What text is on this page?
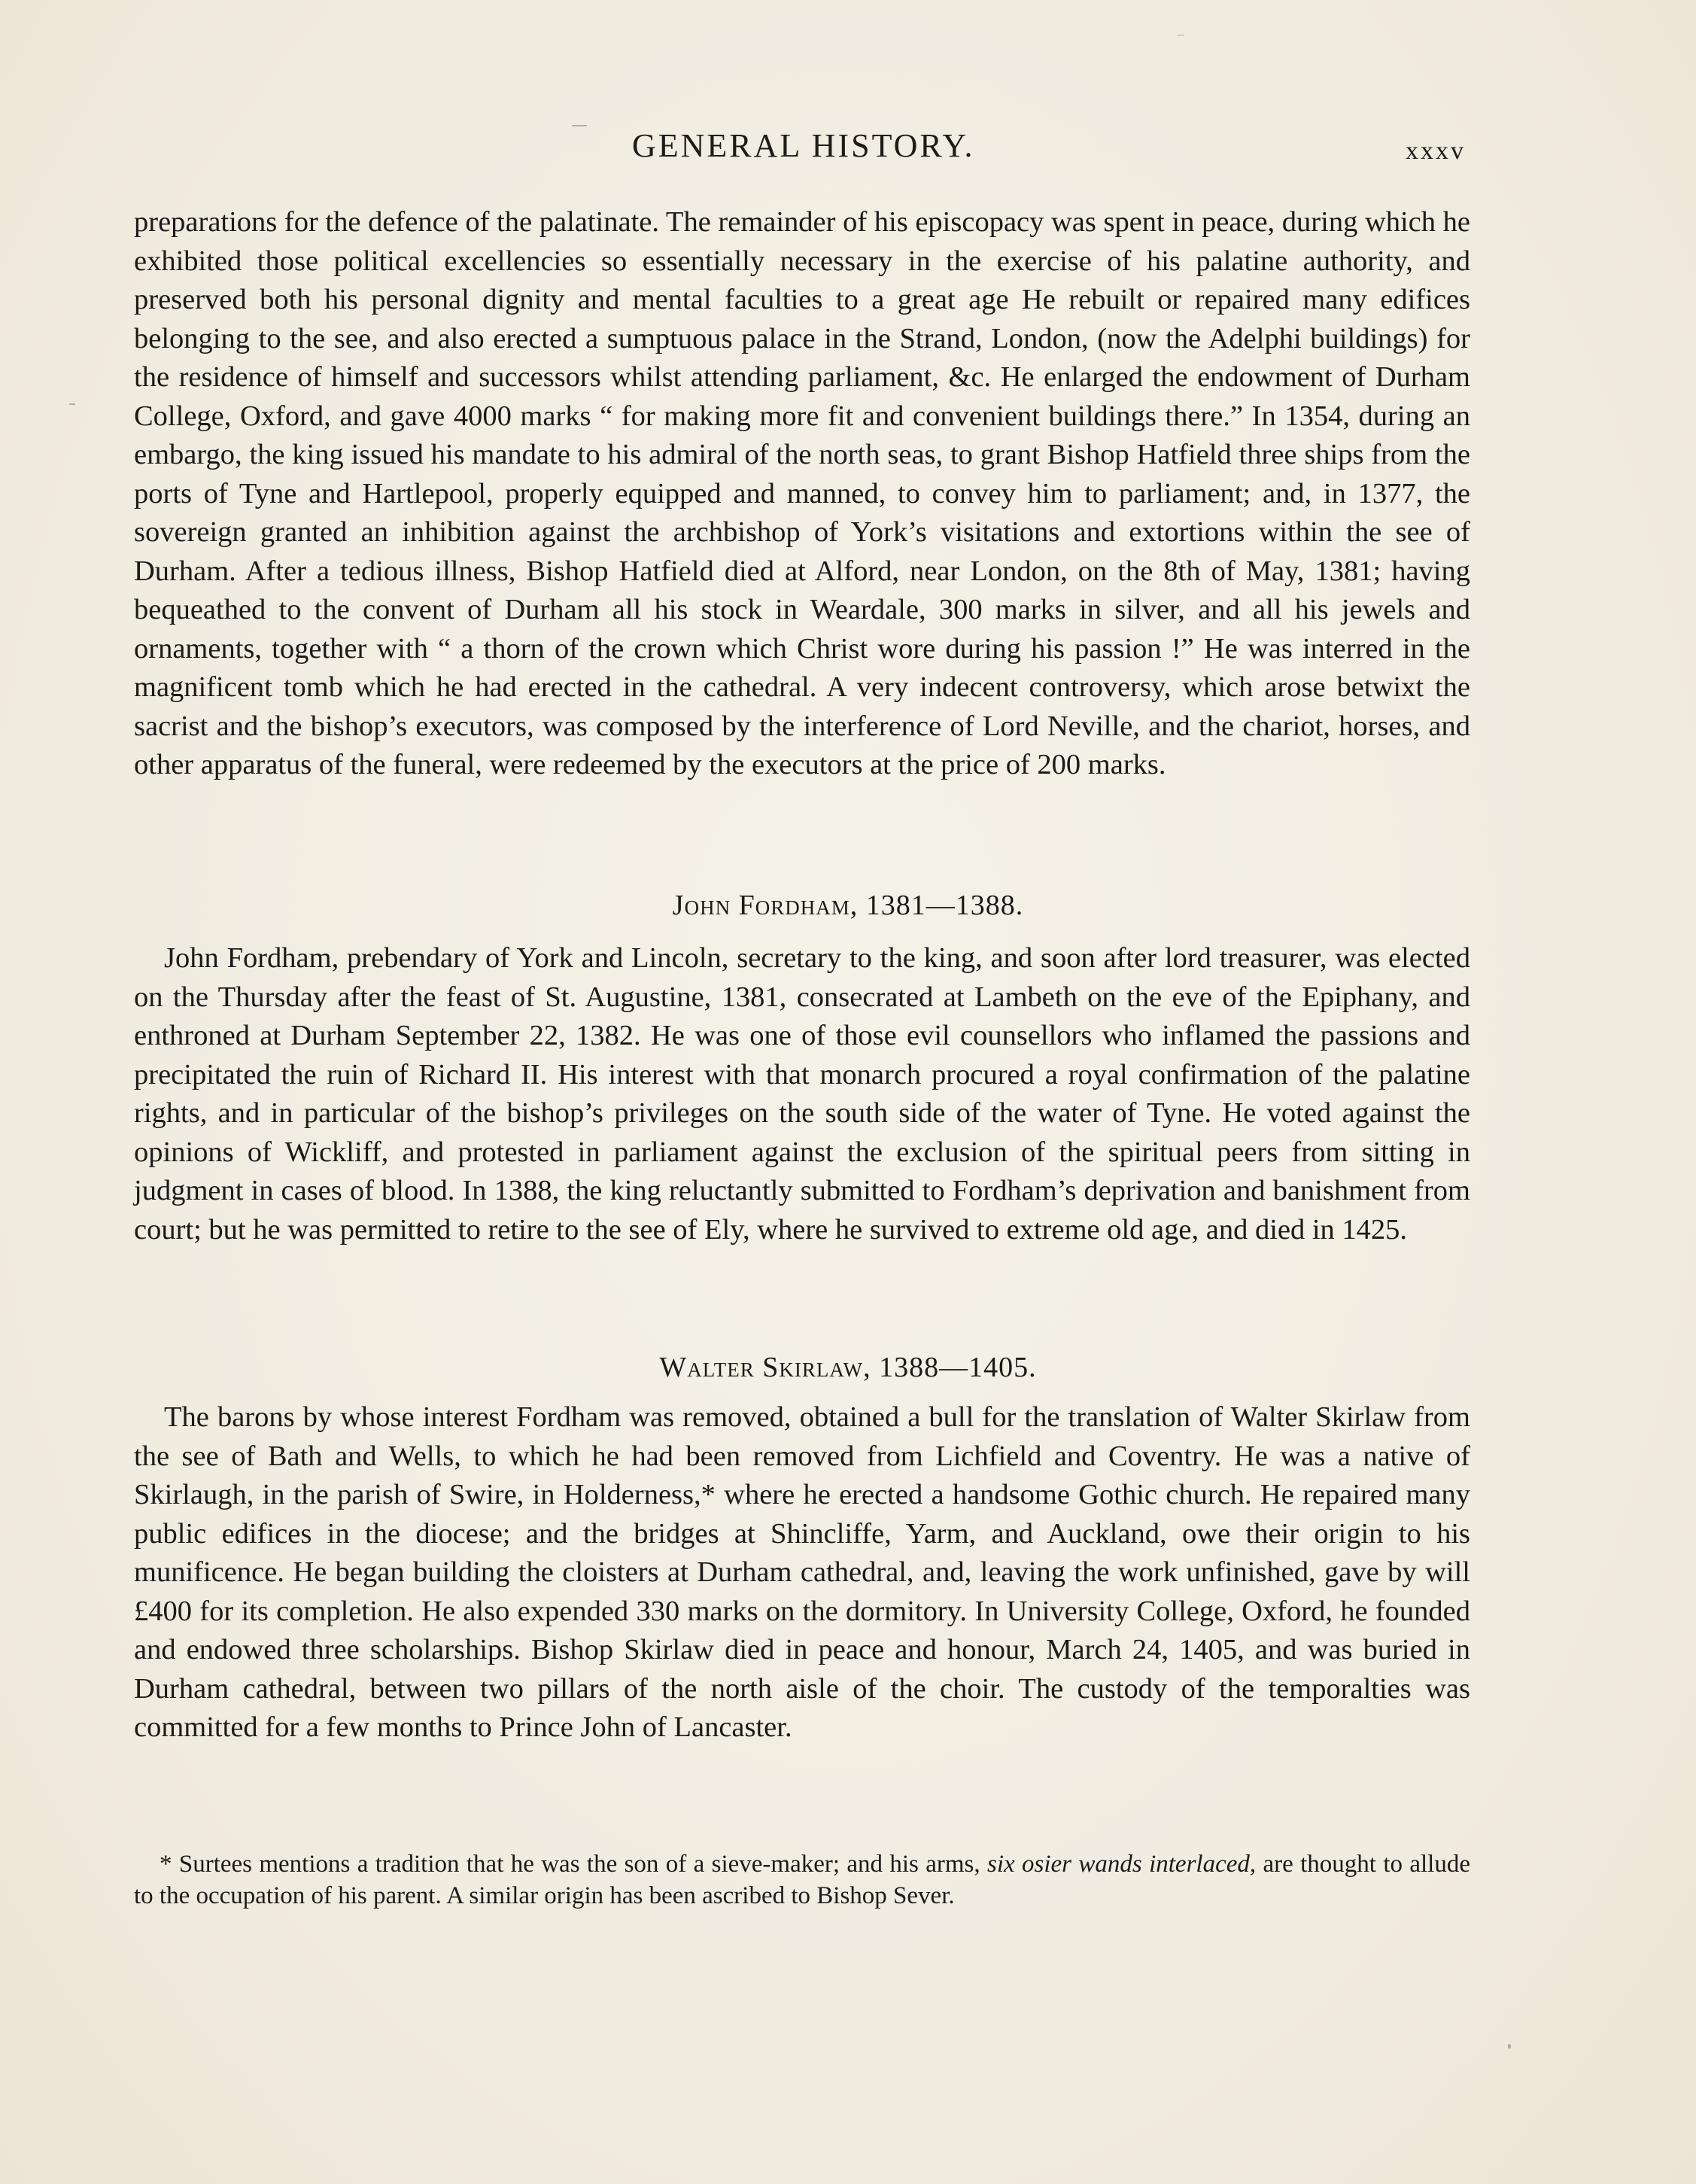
GENERAL HISTORY.	xxxv

preparations for the defence of the palatinate. The remainder of his episcopacy was spent in peace, during which he exhibited those political excellencies so essentially necessary in the exercise of his palatine authority, and preserved both his personal dignity and mental faculties to a great age He rebuilt or repaired many edifices belonging to the see, and also erected a sumptuous palace in the Strand, London, (now the Adelphi buildings) for the residence of himself and successors whilst attending parliament, &c. He enlarged the endowment of Durham College, Oxford, and gave 4000 marks “ for making more fit and convenient buildings there.” In 1354, during an embargo, the king issued his mandate to his admiral of the north seas, to grant Bishop Hatfield three ships from the ports of Tyne and Hartlepool, properly equipped and manned, to convey him to parliament; and, in 1377, the sovereign granted an inhibition against the archbishop of York’s visitations and extortions within the see of Durham. After a tedious illness, Bishop Hatfield died at Alford, near London, on the 8th of May, 1381; having bequeathed to the convent of Durham all his stock in Weardale, 300 marks in silver, and all his jewels and ornaments, together with “ a thorn of the crown which Christ wore during his passion !” He was interred in the magnificent tomb which he had erected in the cathedral. A very indecent controversy, which arose betwixt the sacrist and the bishop’s executors, was composed by the interference of Lord Neville, and the chariot, horses, and other apparatus of the funeral, were redeemed by the executors at the price of 200 marks.

John Fordham, 1381—1388.

John Fordham, prebendary of York and Lincoln, secretary to the king, and soon after lord treasurer, was elected on the Thursday after the feast of St. Augustine, 1381, consecrated at Lambeth on the eve of the Epiphany, and enthroned at Durham September 22, 1382. He was one of those evil counsellors who inflamed the passions and precipitated the ruin of Richard II. His interest with that monarch procured a royal confirmation of the palatine rights, and in particular of the bishop’s privileges on the south side of the water of Tyne. He voted against the opinions of Wickliff, and protested in parliament against the exclusion of the spiritual peers from sitting in judgment in cases of blood. In 1388, the king reluctantly submitted to Fordham’s deprivation and banishment from court; but he was permitted to retire to the see of Ely, where he survived to extreme old age, and died in 1425.

Walter Skirlaw, 1388—1405.

The barons by whose interest Fordham was removed, obtained a bull for the translation of Walter Skirlaw from the see of Bath and Wells, to which he had been removed from Lichfield and Coventry. He was a native of Skirlaugh, in the parish of Swire, in Holderness,* where he erected a handsome Gothic church. He repaired many public edifices in the diocese; and the bridges at Shincliffe, Yarm, and Auckland, owe their origin to his munificence. He began building the cloisters at Durham cathedral, and, leaving the work unfinished, gave by will £400 for its completion. He also expended 330 marks on the dormitory. In University College, Oxford, he founded and endowed three scholarships. Bishop Skirlaw died in peace and honour, March 24, 1405, and was buried in Durham cathedral, between two pillars of the north aisle of the choir. The custody of the temporalties was committed for a few months to Prince John of Lancaster.

* Surtees mentions a tradition that he was the son of a sieve-maker; and his arms, six osier wands interlaced, are thought to allude to the occupation of his parent. A similar origin has been ascribed to Bishop Sever.
